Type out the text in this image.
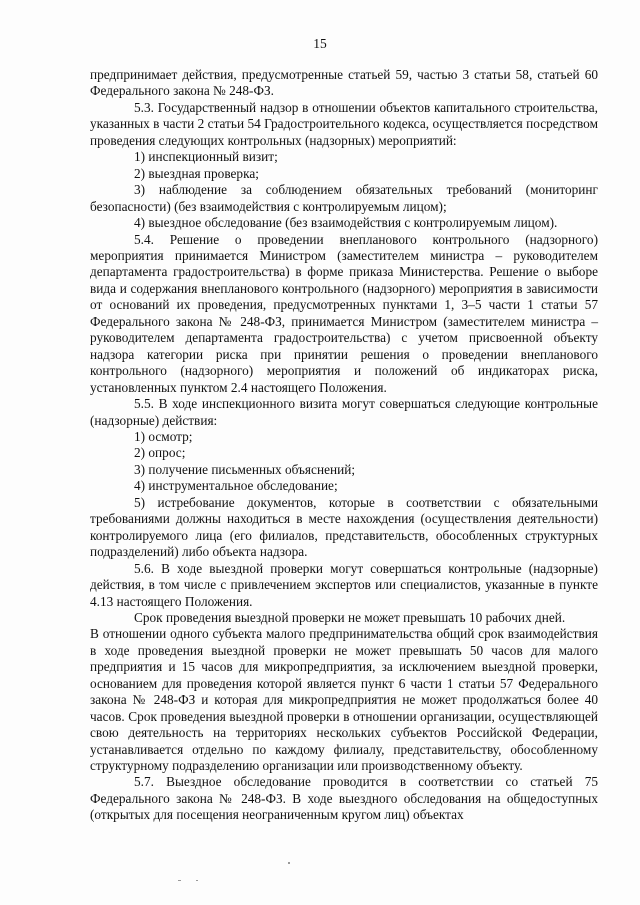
15

предпринимает действия, предусмотренные статьей 59, частью 3 статьи 58, статьей 60 Федерального закона № 248-ФЗ.

5.3. Государственный надзор в отношении объектов капитального строительства, указанных в части 2 статьи 54 Градостроительного кодекса, осуществляется посредством проведения следующих контрольных (надзорных) мероприятий:

1) инспекционный визит;

2) выездная проверка;

3) наблюдение за соблюдением обязательных требований (мониторинг безопасности) (без взаимодействия с контролируемым лицом);

4) выездное обследование (без взаимодействия с контролируемым лицом).

5.4. Решение о проведении внепланового контрольного (надзорного) мероприятия принимается Министром (заместителем министра – руководителем департамента градостроительства) в форме приказа Министерства. Решение о выборе вида и содержания внепланового контрольного (надзорного) мероприятия в зависимости от оснований их проведения, предусмотренных пунктами 1, 3–5 части 1 статьи 57 Федерального закона № 248-ФЗ, принимается Министром (заместителем министра – руководителем департамента градостроительства) с учетом присвоенной объекту надзора категории риска при принятии решения о проведении внепланового контрольного (надзорного) мероприятия и положений об индикаторах риска, установленных пунктом 2.4 настоящего Положения.

5.5. В ходе инспекционного визита могут совершаться следующие контрольные (надзорные) действия:

1) осмотр;

2) опрос;

3) получение письменных объяснений;

4) инструментальное обследование;

5) истребование документов, которые в соответствии с обязательными требованиями должны находиться в месте нахождения (осуществления деятельности) контролируемого лица (его филиалов, представительств, обособленных структурных подразделений) либо объекта надзора.

5.6. В ходе выездной проверки могут совершаться контрольные (надзорные) действия, в том числе с привлечением экспертов или специалистов, указанные в пункте 4.13 настоящего Положения.

Срок проведения выездной проверки не может превышать 10 рабочих дней.

В отношении одного субъекта малого предпринимательства общий срок взаимодействия в ходе проведения выездной проверки не может превышать 50 часов для малого предприятия и 15 часов для микропредприятия, за исключением выездной проверки, основанием для проведения которой является пункт 6 части 1 статьи 57 Федерального закона № 248-ФЗ и которая для микропредприятия не может продолжаться более 40 часов. Срок проведения выездной проверки в отношении организации, осуществляющей свою деятельность на территориях нескольких субъектов Российской Федерации, устанавливается отдельно по каждому филиалу, представительству, обособленному структурному подразделению организации или производственному объекту.

5.7. Выездное обследование проводится в соответствии со статьей 75 Федерального закона № 248-ФЗ. В ходе выездного обследования на общедоступных (открытых для посещения неограниченным кругом лиц) объектах
